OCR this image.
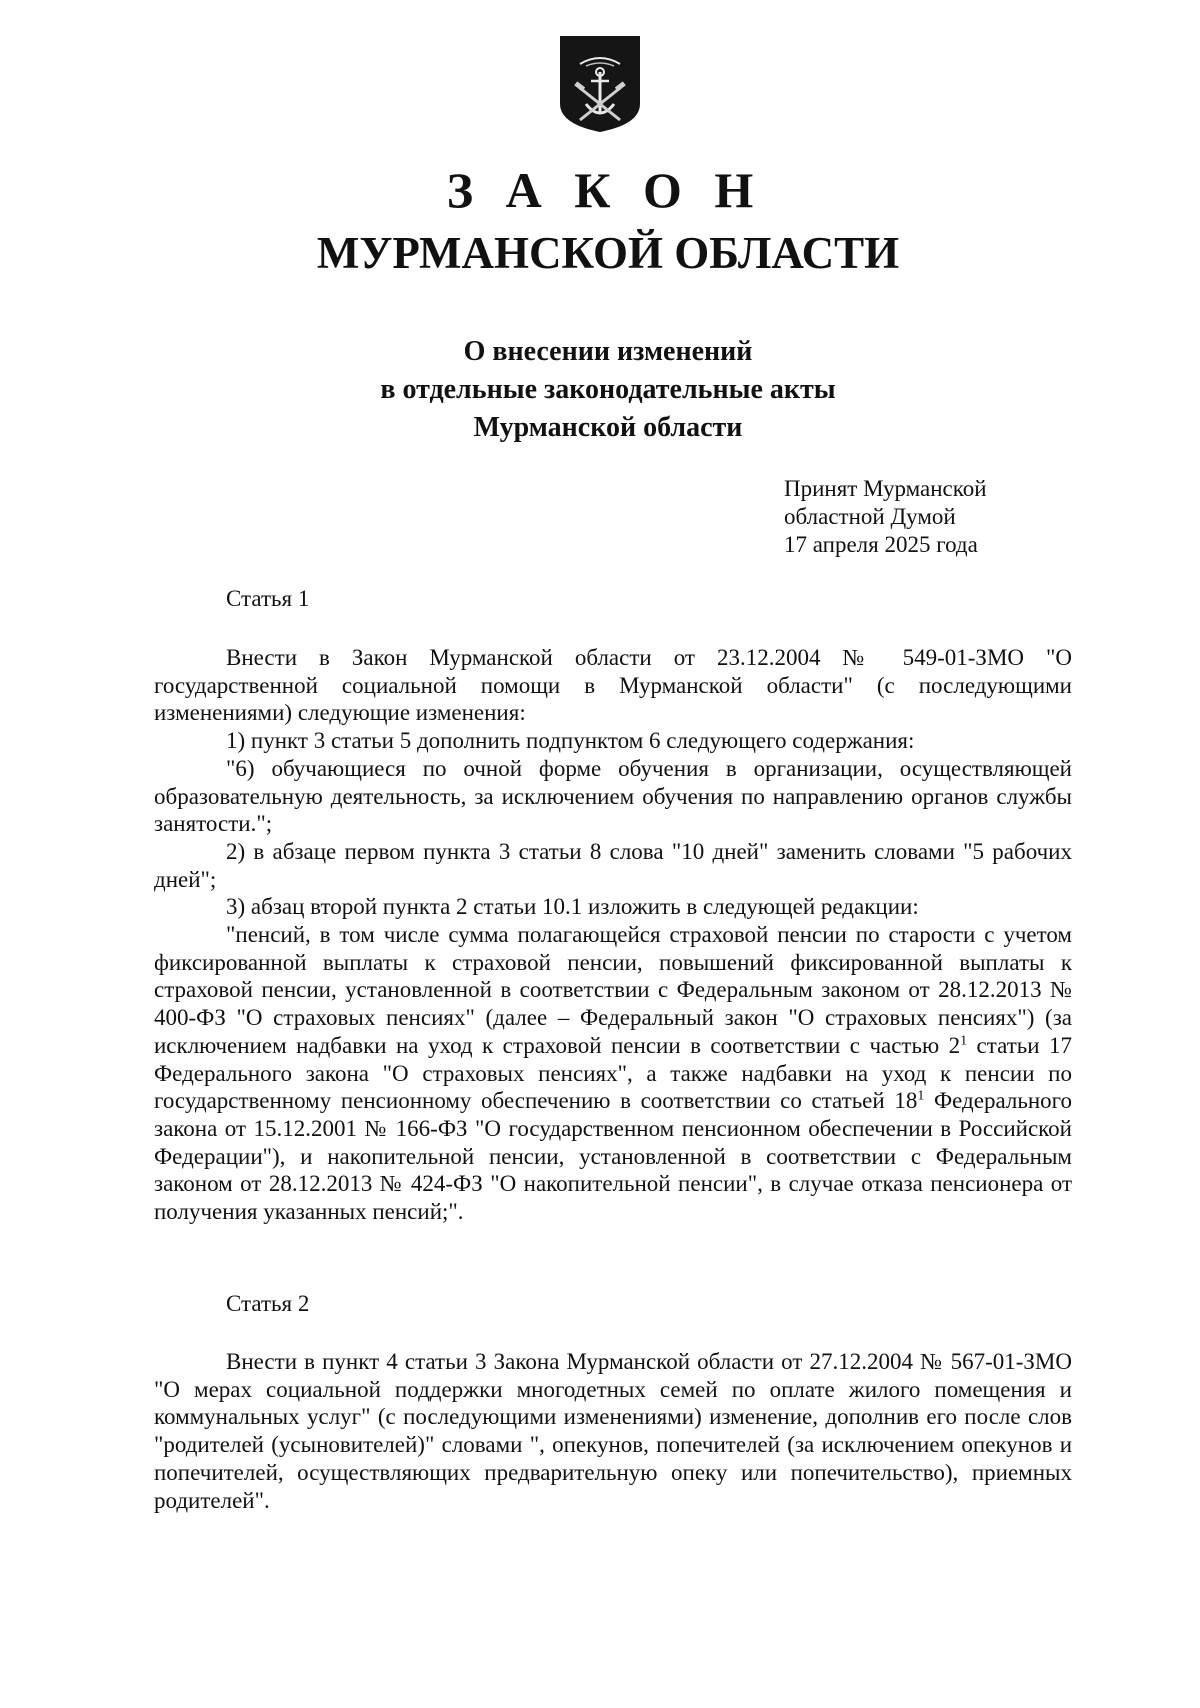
З А К О Н
МУРМАНСКОЙ ОБЛАСТИ
О внесении изменений
в отдельные законодательные акты
Мурманской области
Принят Мурманской
областной Думой
17 апреля 2025 года
Статья 1

Внести в Закон Мурманской области от 23.12.2004 № 549-01-ЗМО "О государственной социальной помощи в Мурманской области" (с последующими изменениями) следующие изменения:

1) пункт 3 статьи 5 дополнить подпунктом 6 следующего содержания:

"6) обучающиеся по очной форме обучения в организации, осуществляющей образовательную деятельность, за исключением обучения по направлению органов службы занятости.";

2) в абзаце первом пункта 3 статьи 8 слова "10 дней" заменить словами "5 рабочих дней";

3) абзац второй пункта 2 статьи 10.1 изложить в следующей редакции:

"пенсий, в том числе сумма полагающейся страховой пенсии по старости с учетом фиксированной выплаты к страховой пенсии, повышений фиксированной выплаты к страховой пенсии, установленной в соответствии с Федеральным законом от 28.12.2013 № 400-ФЗ "О страховых пенсиях" (далее – Федеральный закон "О страховых пенсиях") (за исключением надбавки на уход к страховой пенсии в соответствии с частью $2^1$ статьи 17 Федерального закона "О страховых пенсиях", а также надбавки на уход к пенсии по государственному пенсионному обеспечению в соответствии со статьей $18^1$ Федерального закона от 15.12.2001 № 166-ФЗ "О государственном пенсионном обеспечении в Российской Федерации"), и накопительной пенсии, установленной в соответствии с Федеральным законом от 28.12.2013 № 424-ФЗ "О накопительной пенсии", в случае отказа пенсионера от получения указанных пенсий;".

Статья 2

Внести в пункт 4 статьи 3 Закона Мурманской области от 27.12.2004 № 567-01-ЗМО "О мерах социальной поддержки многодетных семей по оплате жилого помещения и коммунальных услуг" (с последующими изменениями) изменение, дополнив его после слов "родителей (усыновителей)" словами ", опекунов, попечителей (за исключением опекунов и попечителей, осуществляющих предварительную опеку или попечительство), приемных родителей".
